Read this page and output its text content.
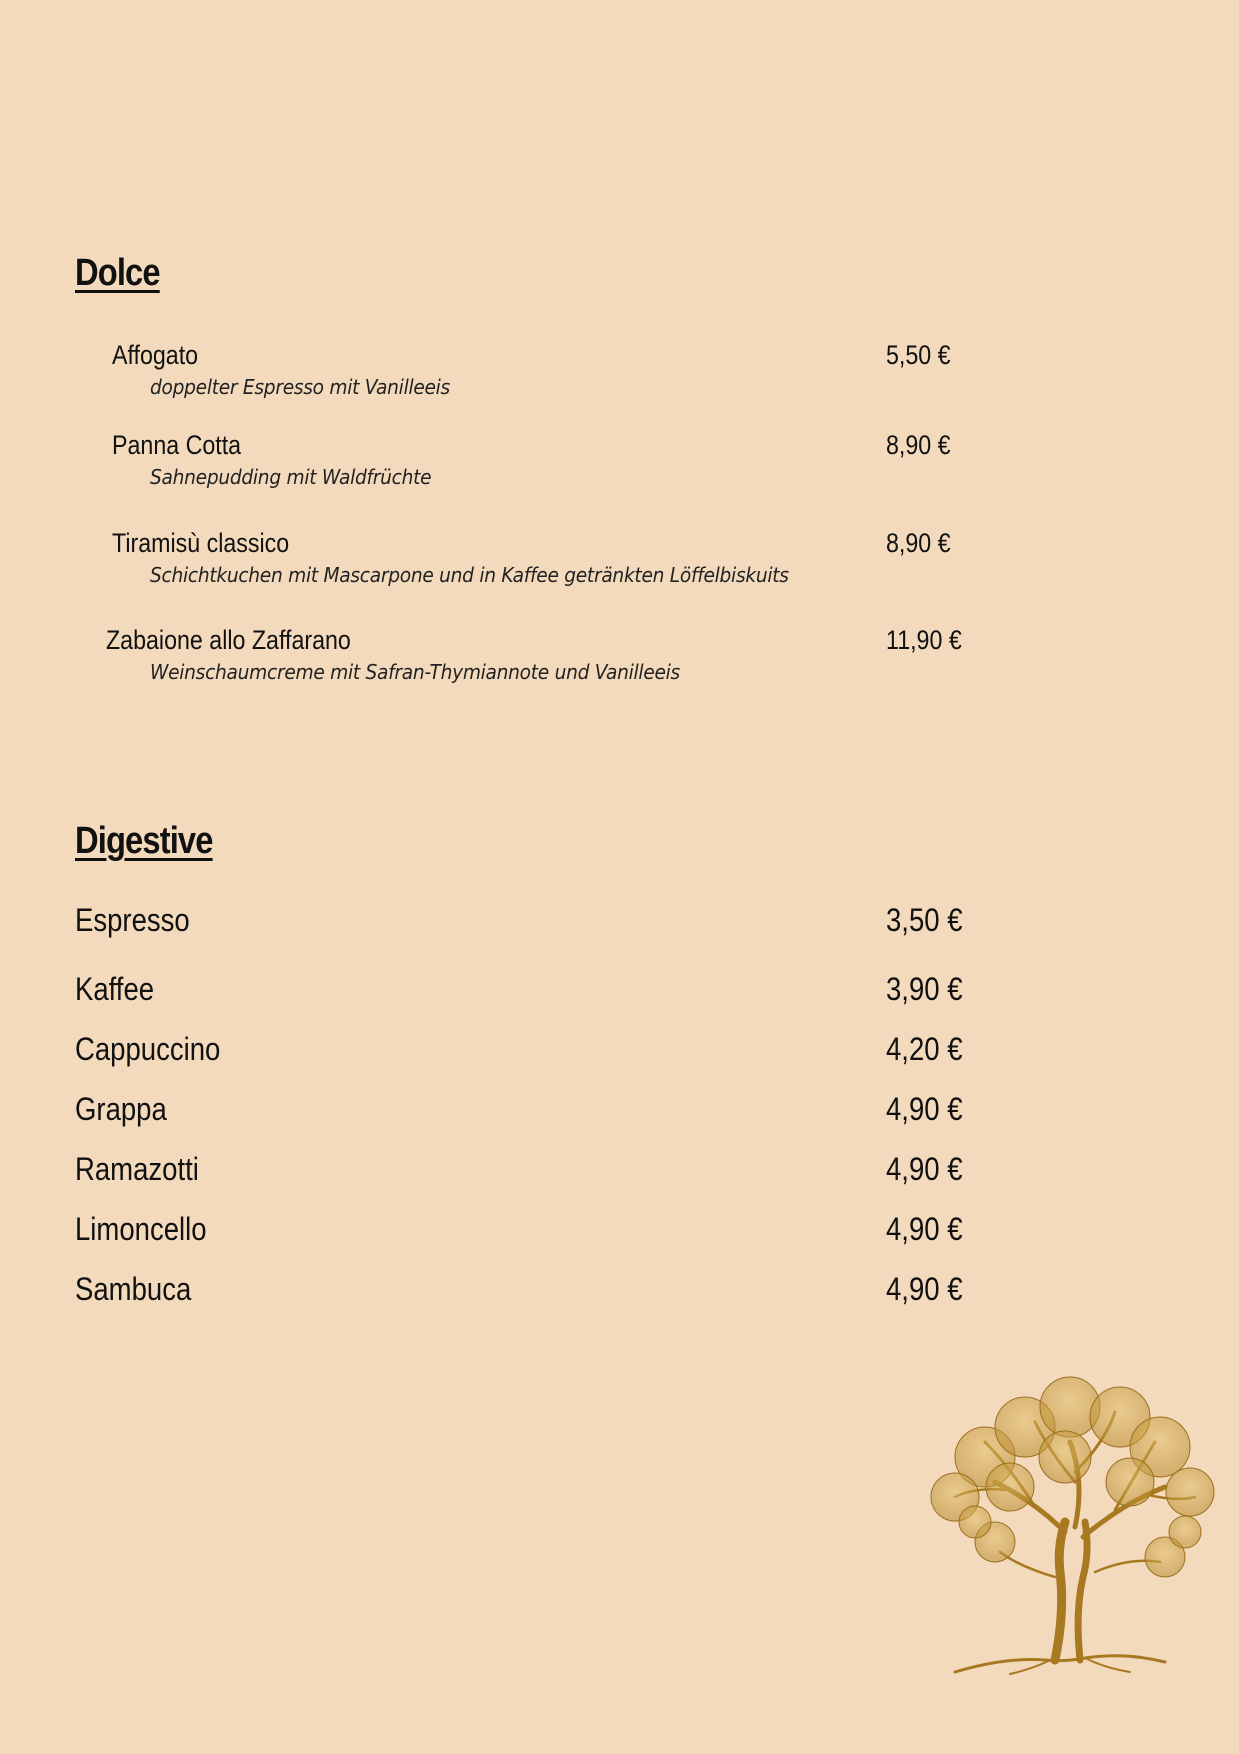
Dolce
Affogato	5,50 €
doppelter Espresso mit Vanilleeis
Panna Cotta	8,90 €
Sahnepudding mit Waldfrüchte
Tiramisù classico	8,90 €
Schichtkuchen mit Mascarpone und in Kaffee getränkten Löffelbiskuits
Zabaione allo Zaffarano	11,90 €
Weinschaumcreme mit Safran-Thymiannote und Vanilleeis
Digestive
Espresso	3,50 €
Kaffee	3,90 €
Cappuccino	4,20 €
Grappa	4,90 €
Ramazotti	4,90 €
Limoncello	4,90 €
Sambuca	4,90 €
